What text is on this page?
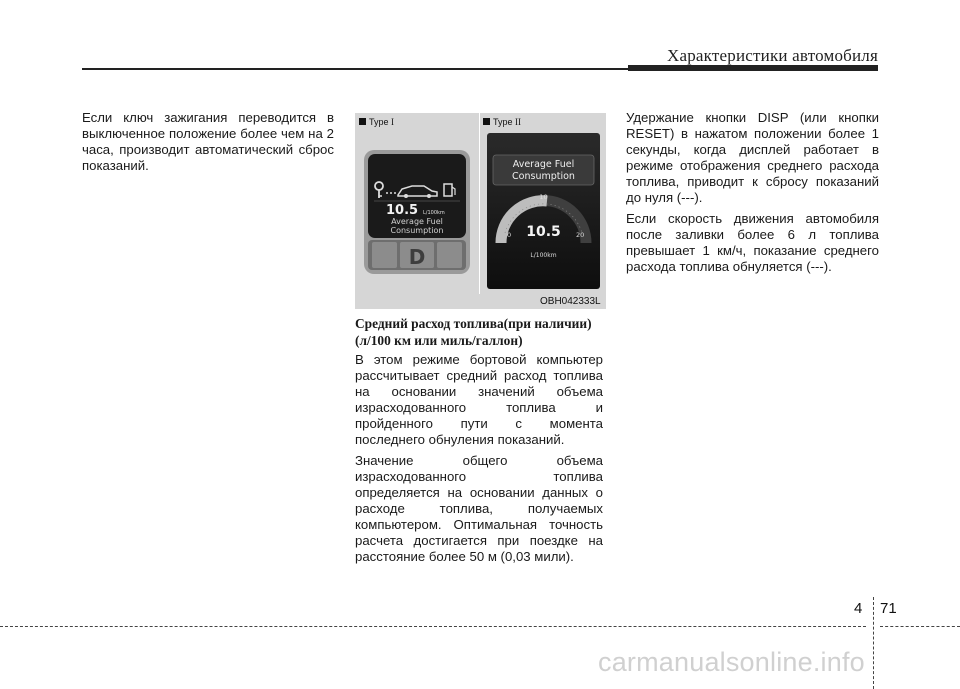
Характеристики автомобиля

Если ключ зажигания переводится в выключенное положение более чем на 2 часа, производит автоматический сброс показаний.

Type I	Type II
10.5 L/100km
Average Fuel
Consumption
D
Average Fuel
Consumption
0
10
20
10.5
L/100km
OBH042333L
Средний расход топлива(при наличии)
(л/100 км или миль/галлон)

В этом режиме бортовой компьютер рассчитывает средний расход топлива на основании значений объема израсходованного топлива и пройденного пути с момента последнего обнуления показаний.

Значение общего объема израсходованного топлива определяется на основании данных о расходе топлива, получаемых компьютером. Оптимальная точность расчета достигается при поездке на расстояние более 50 м (0,03 мили).

Удержание кнопки DISP (или кнопки RESET) в нажатом положении более 1 секунды, когда дисплей работает в режиме отображения среднего расхода топлива, приводит к сбросу показаний до нуля (---).

Если скорость движения автомобиля после заливки более 6 л топлива превышает 1 км/ч, показание среднего расхода топлива обнуляется (---).

4 71
carmanualsonline.info
